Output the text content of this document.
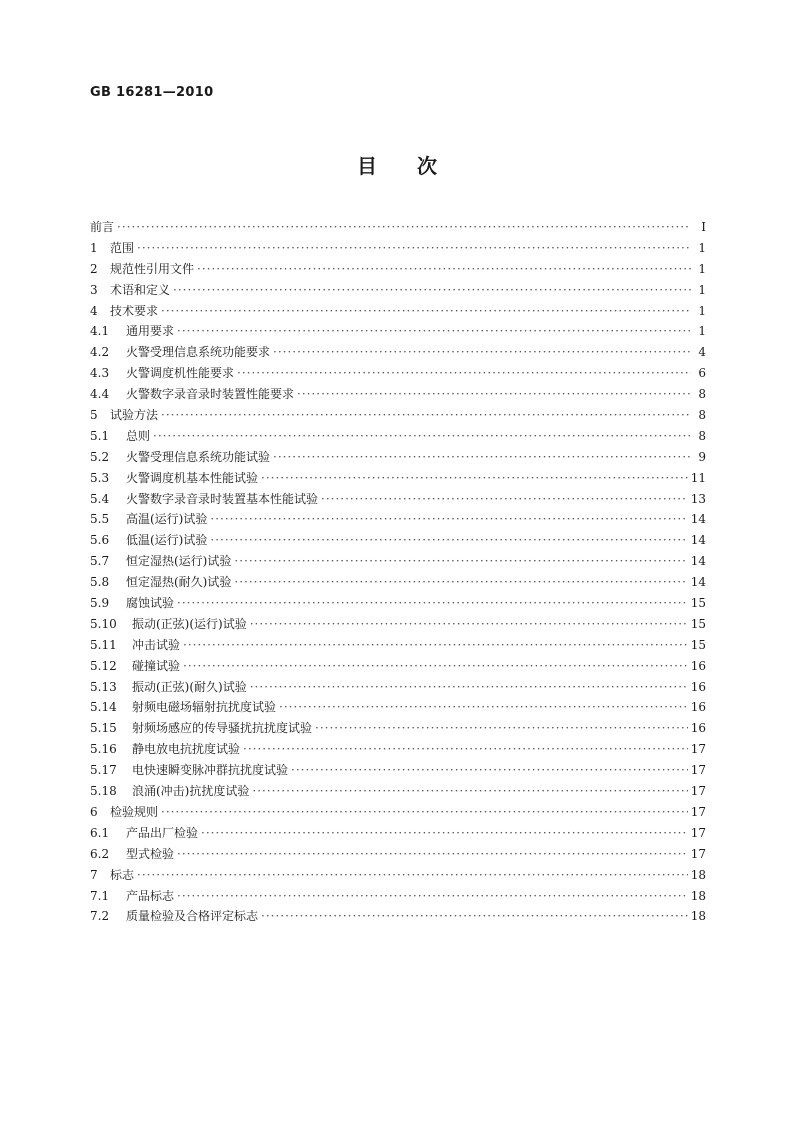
GB 16281—2010
目次
前言 ·····	I
1	范围 ·····	1
2	规范性引用文件 ·····	1
3	术语和定义 ·····	1
4	技术要求 ·····	1
4.1	通用要求 ·····	1
4.2	火警受理信息系统功能要求 ·····	4
4.3	火警调度机性能要求 ·····	6
4.4	火警数字录音录时装置性能要求 ·····	8
5	试验方法 ·····	8
5.1	总则 ·····	8
5.2	火警受理信息系统功能试验 ·····	9
5.3	火警调度机基本性能试验 ·····	11
5.4	火警数字录音录时装置基本性能试验 ·····	13
5.5	高温(运行)试验 ·····	14
5.6	低温(运行)试验 ·····	14
5.7	恒定湿热(运行)试验 ·····	14
5.8	恒定湿热(耐久)试验 ·····	14
5.9	腐蚀试验 ·····	15
5.10	振动(正弦)(运行)试验 ·····	15
5.11	冲击试验 ·····	15
5.12	碰撞试验 ·····	16
5.13	振动(正弦)(耐久)试验 ·····	16
5.14	射频电磁场辐射抗扰度试验 ·····	16
5.15	射频场感应的传导骚扰抗扰度试验 ·····	16
5.16	静电放电抗扰度试验 ·····	17
5.17	电快速瞬变脉冲群抗扰度试验 ·····	17
5.18	浪涌(冲击)抗扰度试验 ·····	17
6	检验规则 ·····	17
6.1	产品出厂检验 ·····	17
6.2	型式检验 ·····	17
7	标志 ·····	18
7.1	产品标志 ·····	18
7.2	质量检验及合格评定标志 ·····	18
